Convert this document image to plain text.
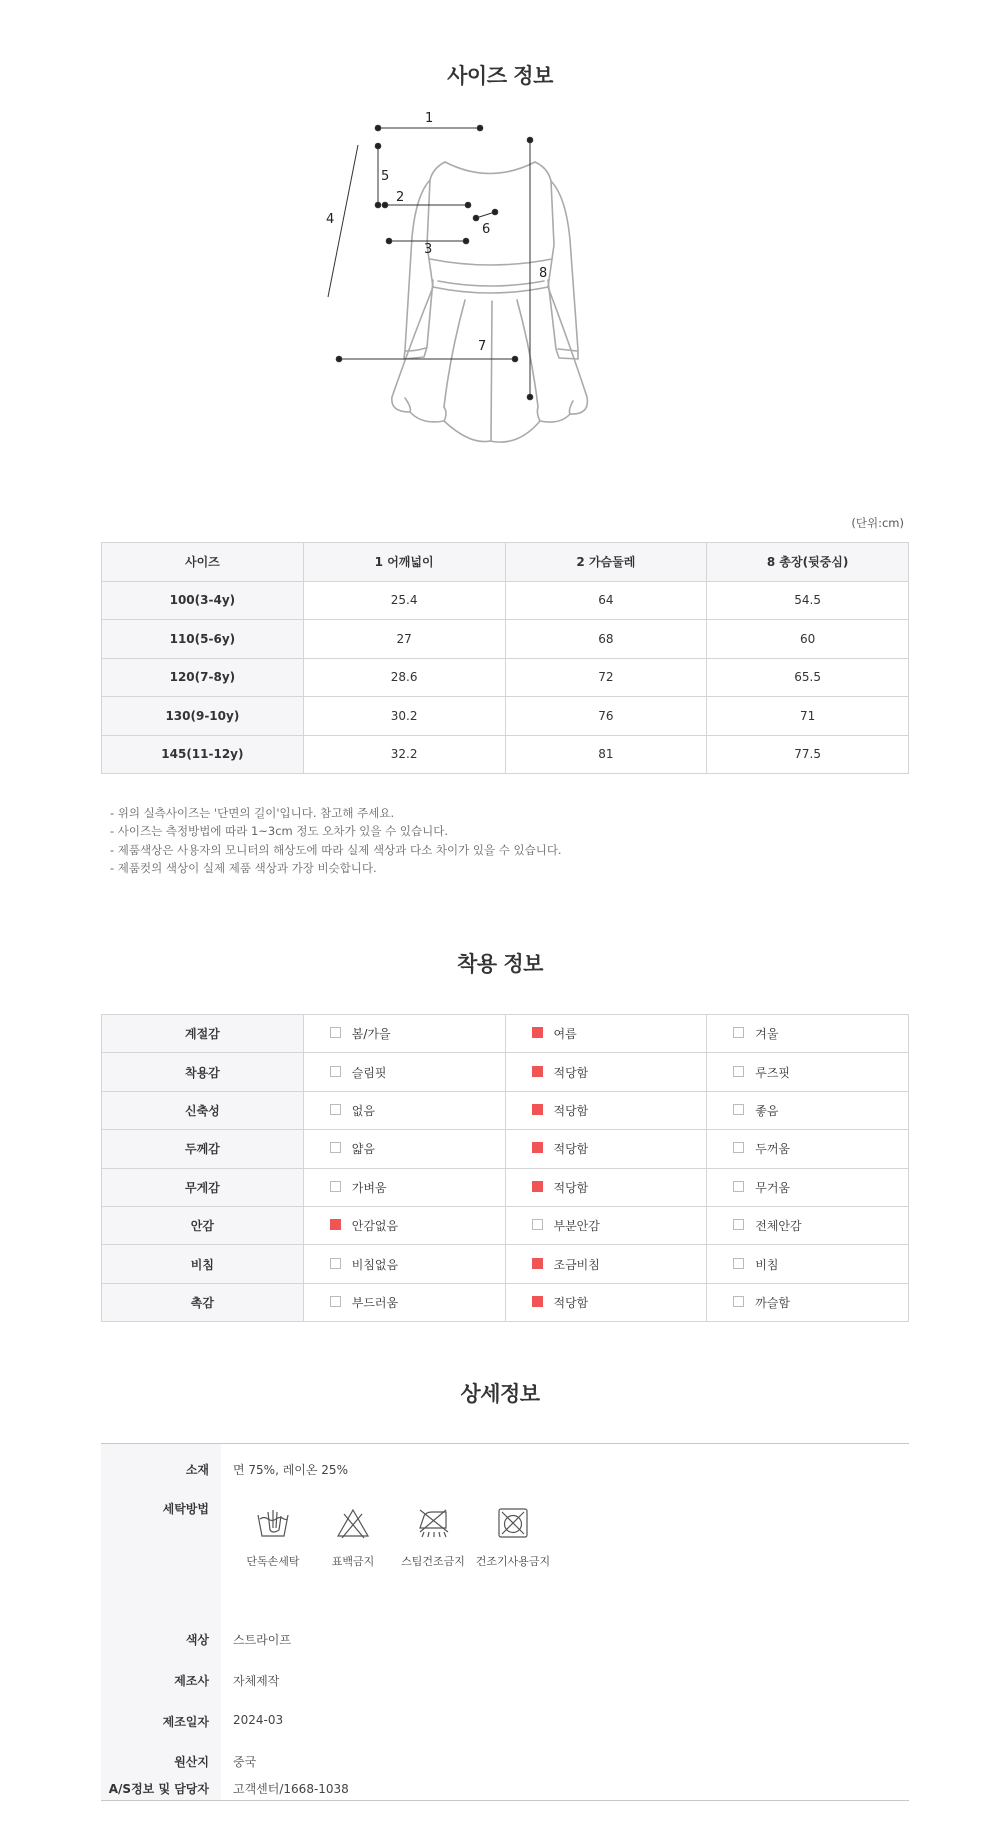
사이즈 정보
1
2
3
4
5
6
7
8
(단위:cm)
사이즈	1 어깨넓이	2 가슴둘레	8 총장(뒷중심)
100(3-4y)	25.4	64	54.5
110(5-6y)	27	68	60
120(7-8y)	28.6	72	65.5
130(9-10y)	30.2	76	71
145(11-12y)	32.2	81	77.5
- 위의 실측사이즈는 '단면의 길이'입니다. 참고해 주세요.
- 사이즈는 측정방법에 따라 1~3cm 정도 오차가 있을 수 있습니다.
- 제품색상은 사용자의 모니터의 해상도에 따라 실제 색상과 다소 차이가 있을 수 있습니다.
- 제품컷의 색상이 실제 제품 색상과 가장 비슷합니다.
착용 정보
계절감	봄/가을	여름	겨울
착용감	슬림핏	적당함	루즈핏
신축성	없음	적당함	좋음
두께감	얇음	적당함	두꺼움
무게감	가벼움	적당함	무거움
안감	안감없음	부분안감	전체안감
비침	비침없음	조금비침	비침
촉감	부드러움	적당함	까슬함
상세정보
소재 면 75%, 레이온 25%
세탁방법
단독손세탁	표백금지	스팀건조금지 건조기사용금지
색상 스트라이프
제조사 자체제작
제조일자 2024-03
원산지 중국
A/S정보 및 담당자 고객센터/1668-1038
